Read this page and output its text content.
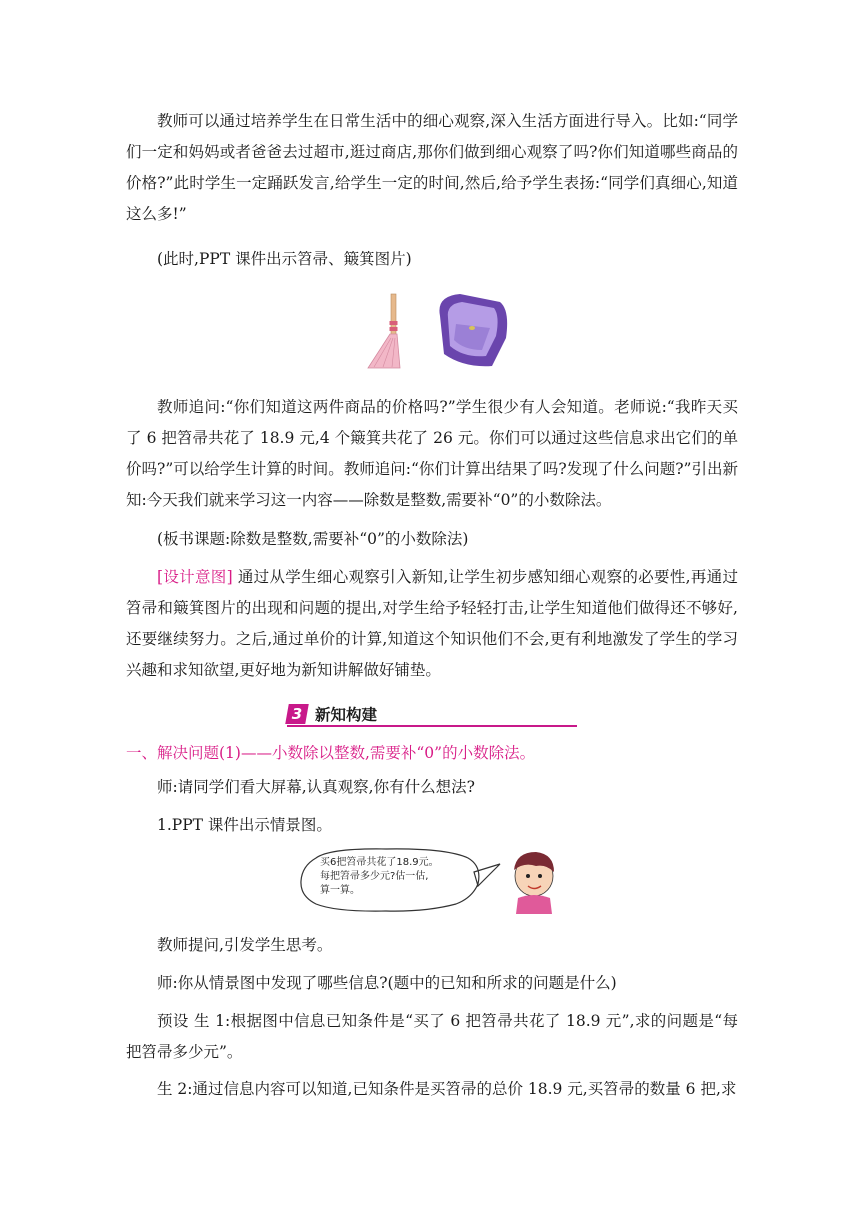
教师可以通过培养学生在日常生活中的细心观察,深入生活方面进行导入。比如:“同学们一定和妈妈或者爸爸去过超市,逛过商店,那你们做到细心观察了吗?你们知道哪些商品的价格?”此时学生一定踊跃发言,给学生一定的时间,然后,给予学生表扬:“同学们真细心,知道这么多!”

(此时,PPT 课件出示笤帚、簸箕图片)

教师追问:“你们知道这两件商品的价格吗?”学生很少有人会知道。老师说:“我昨天买了 6 把笤帚共花了 18.9 元,4 个簸箕共花了 26 元。你们可以通过这些信息求出它们的单价吗?”可以给学生计算的时间。教师追问:“你们计算出结果了吗?发现了什么问题?”引出新知:今天我们就来学习这一内容——除数是整数,需要补“0”的小数除法。

(板书课题:除数是整数,需要补“0”的小数除法)

[设计意图] 通过从学生细心观察引入新知,让学生初步感知细心观察的必要性,再通过笤帚和簸箕图片的出现和问题的提出,对学生给予轻轻打击,让学生知道他们做得还不够好,还要继续努力。之后,通过单价的计算,知道这个知识他们不会,更有利地激发了学生的学习兴趣和求知欲望,更好地为新知讲解做好铺垫。

3 新知构建

一、解决问题(1)——小数除以整数,需要补“0”的小数除法。

师:请同学们看大屏幕,认真观察,你有什么想法?

1.PPT 课件出示情景图。

买6把笤帚共花了18.9元。
每把笤帚多少元?估一估,
算一算。

教师提问,引发学生思考。

师:你从情景图中发现了哪些信息?(题中的已知和所求的问题是什么)

预设 生 1:根据图中信息已知条件是“买了 6 把笤帚共花了 18.9 元”,求的问题是“每把笤帚多少元”。

生 2:通过信息内容可以知道,已知条件是买笤帚的总价 18.9 元,买笤帚的数量 6 把,求
